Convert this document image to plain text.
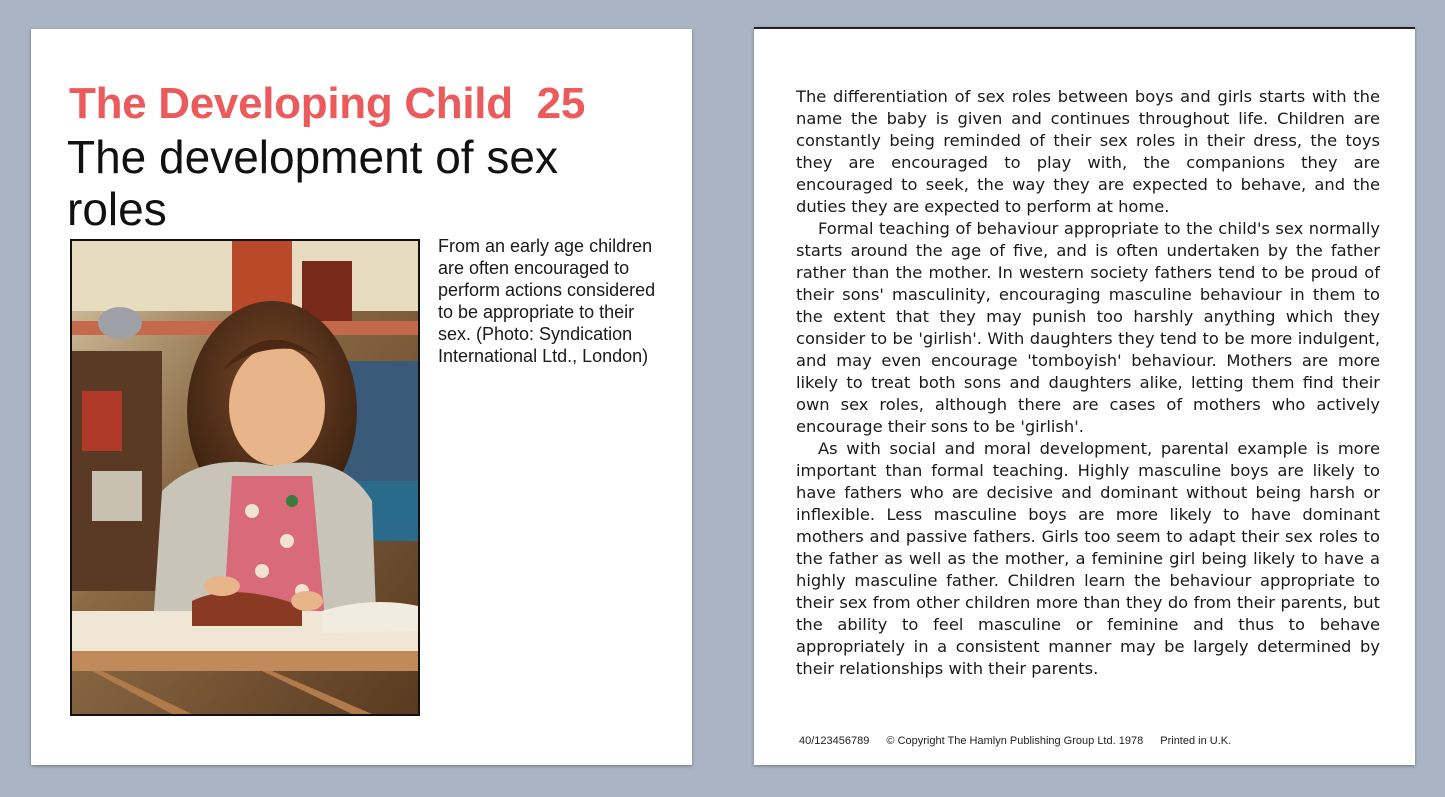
The Developing Child  25
The development of sex roles

From an early age children are often encouraged to perform actions considered to be appropriate to their sex. (Photo: Syndication International Ltd., London)

The differentiation of sex roles between boys and girls starts with the name the baby is given and continues throughout life. Children are constantly being reminded of their sex roles in their dress, the toys they are encouraged to play with, the companions they are encouraged to seek, the way they are expected to behave, and the duties they are expected to perform at home.

Formal teaching of behaviour appropriate to the child's sex normally starts around the age of five, and is often undertaken by the father rather than the mother. In western society fathers tend to be proud of their sons' masculinity, encouraging masculine behaviour in them to the extent that they may punish too harshly anything which they consider to be 'girlish'. With daughters they tend to be more indulgent, and may even encourage 'tomboyish' behaviour. Mothers are more likely to treat both sons and daughters alike, letting them find their own sex roles, although there are cases of mothers who actively encourage their sons to be 'girlish'.

As with social and moral development, parental example is more important than formal teaching. Highly masculine boys are likely to have fathers who are decisive and dominant without being harsh or inflexible. Less masculine boys are more likely to have dominant mothers and passive fathers. Girls too seem to adapt their sex roles to the father as well as the mother, a feminine girl being likely to have a highly masculine father. Children learn the behaviour appropriate to their sex from other children more than they do from their parents, but the ability to feel masculine or feminine and thus to behave appropriately in a consistent manner may be largely determined by their relationships with their parents.

40/123456789 © Copyright The Hamlyn Publishing Group Ltd. 1978 Printed in U.K.
